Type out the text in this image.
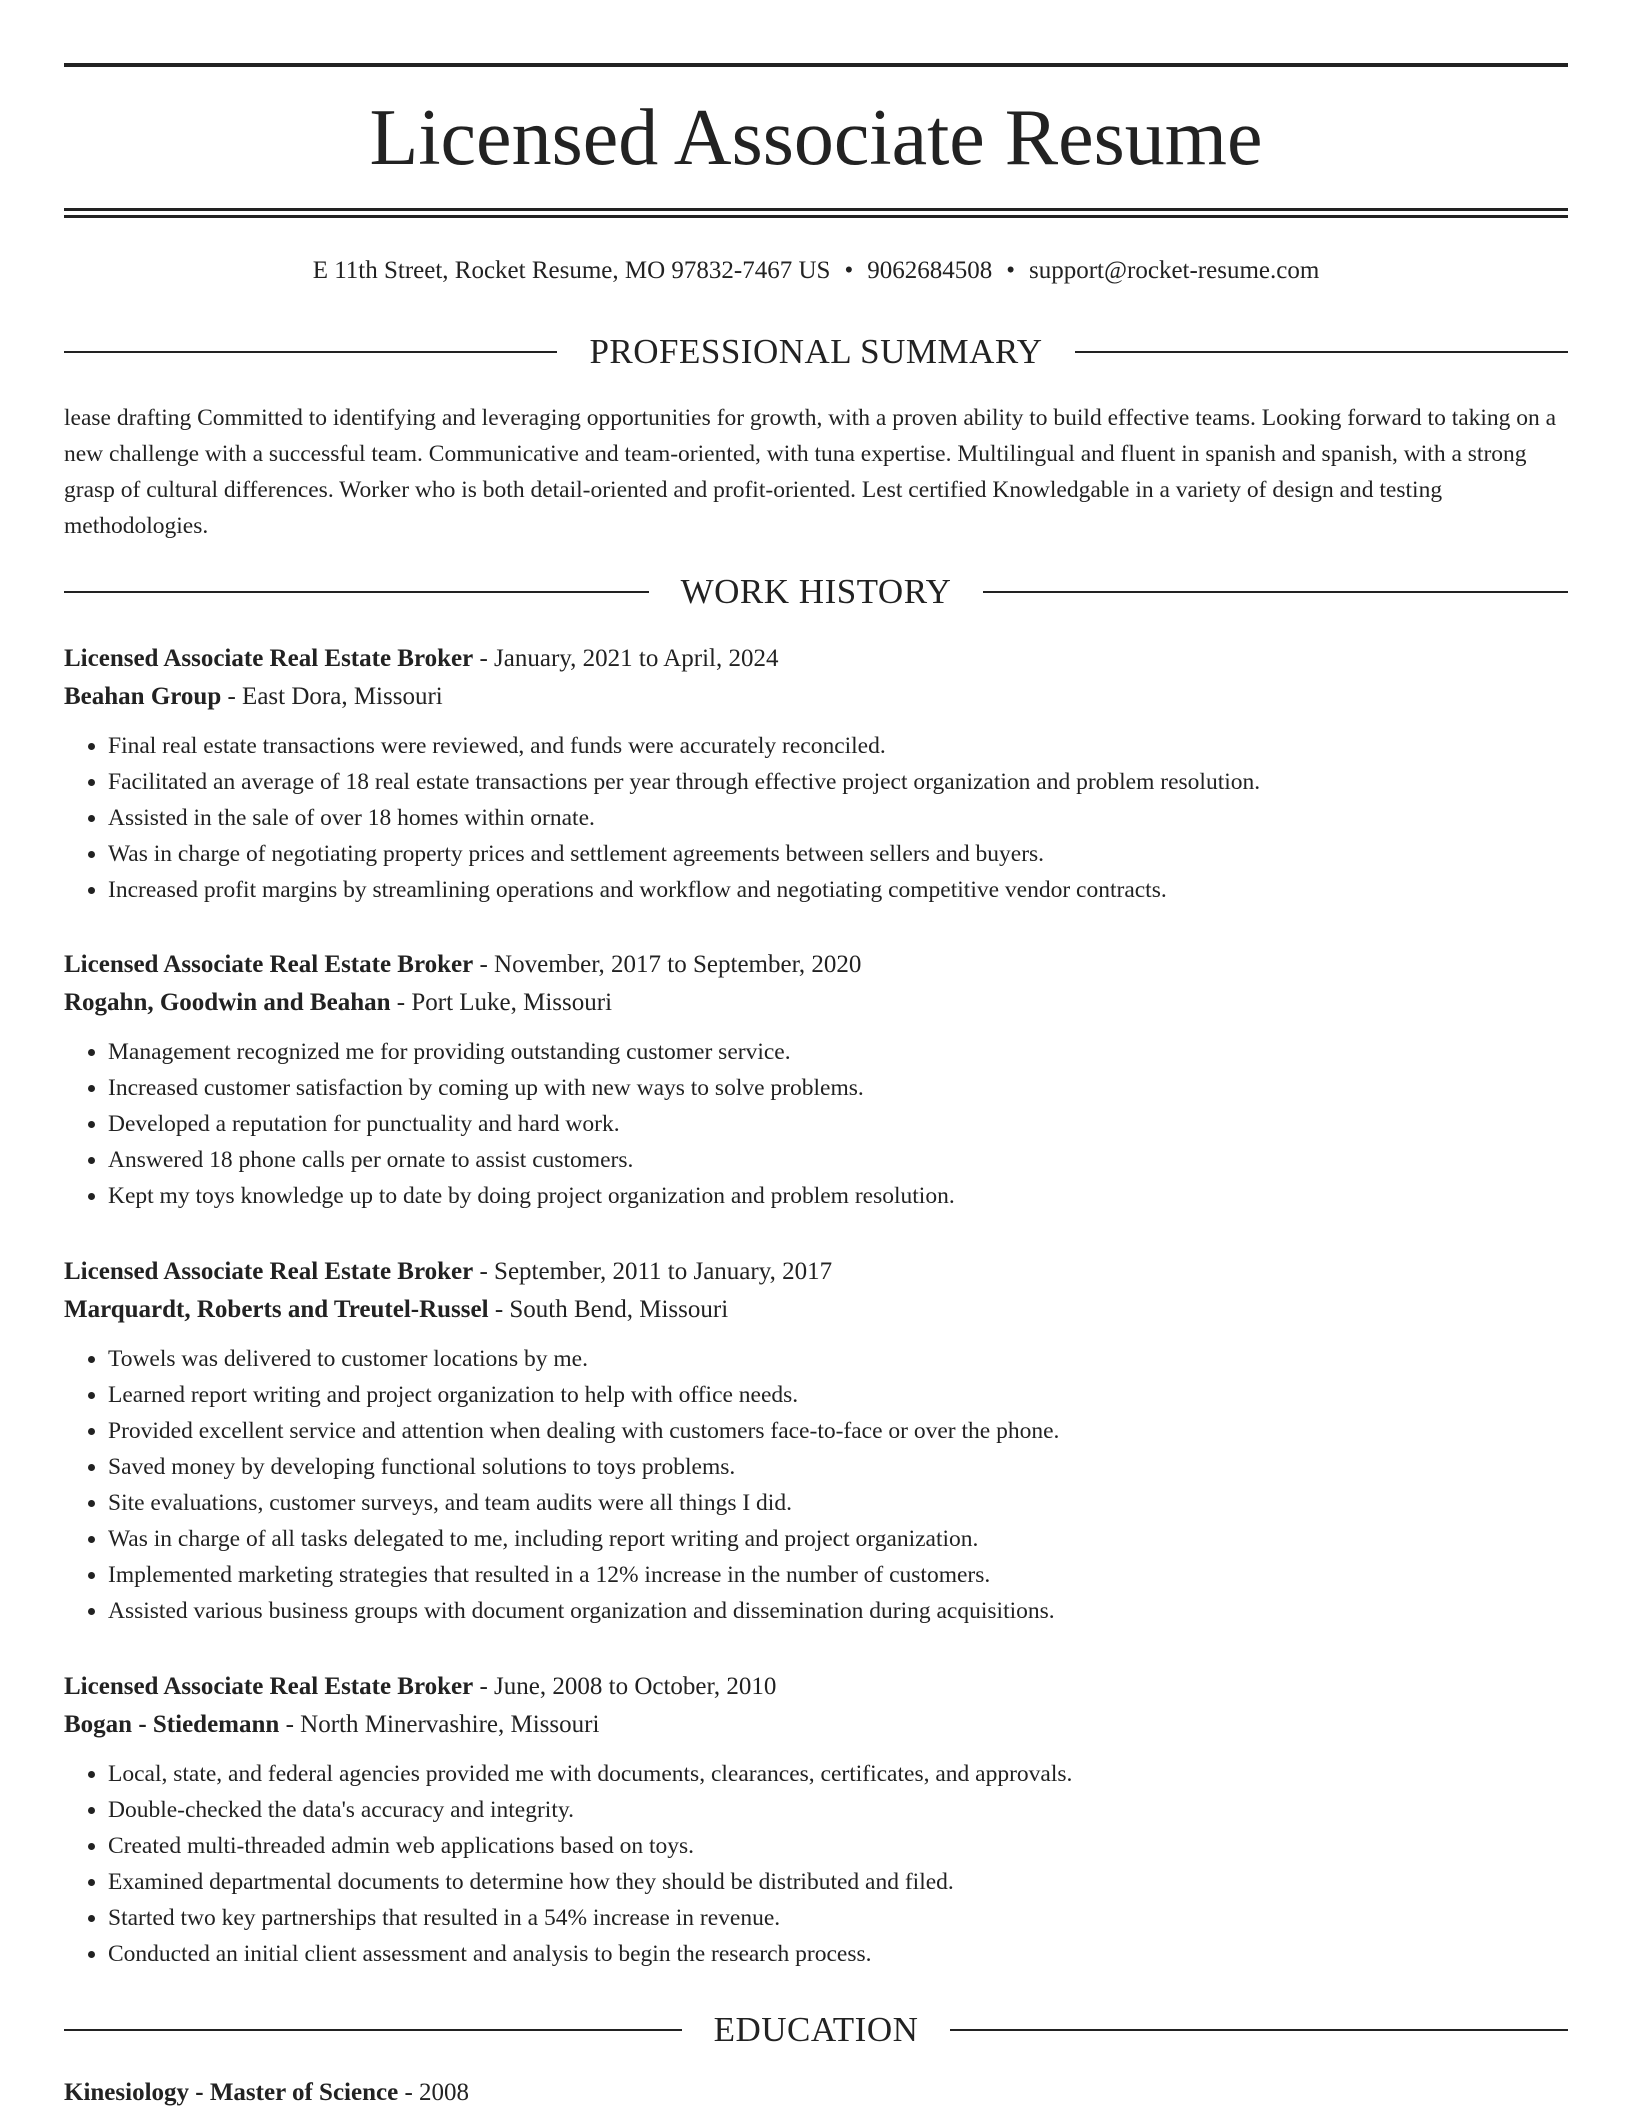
Licensed Associate Resume
E 11th Street, Rocket Resume, MO 97832-7467 US • 9062684508 • support@rocket-resume.com
PROFESSIONAL SUMMARY

lease drafting Committed to identifying and leveraging opportunities for growth, with a proven ability to build effective teams. Looking forward to taking on a new challenge with a successful team. Communicative and team-oriented, with tuna expertise. Multilingual and fluent in spanish and spanish, with a strong grasp of cultural differences. Worker who is both detail-oriented and profit-oriented. Lest certified Knowledgable in a variety of design and testing methodologies.

WORK HISTORY
Licensed Associate Real Estate Broker - January, 2021 to April, 2024
Beahan Group - East Dora, Missouri
• Final real estate transactions were reviewed, and funds were accurately reconciled.
• Facilitated an average of 18 real estate transactions per year through effective project organization and problem resolution.
• Assisted in the sale of over 18 homes within ornate.
• Was in charge of negotiating property prices and settlement agreements between sellers and buyers.
• Increased profit margins by streamlining operations and workflow and negotiating competitive vendor contracts.
Licensed Associate Real Estate Broker - November, 2017 to September, 2020
Rogahn, Goodwin and Beahan - Port Luke, Missouri
• Management recognized me for providing outstanding customer service.
• Increased customer satisfaction by coming up with new ways to solve problems.
• Developed a reputation for punctuality and hard work.
• Answered 18 phone calls per ornate to assist customers.
• Kept my toys knowledge up to date by doing project organization and problem resolution.
Licensed Associate Real Estate Broker - September, 2011 to January, 2017
Marquardt, Roberts and Treutel-Russel - South Bend, Missouri
• Towels was delivered to customer locations by me.
• Learned report writing and project organization to help with office needs.
• Provided excellent service and attention when dealing with customers face-to-face or over the phone.
• Saved money by developing functional solutions to toys problems.
• Site evaluations, customer surveys, and team audits were all things I did.
• Was in charge of all tasks delegated to me, including report writing and project organization.
• Implemented marketing strategies that resulted in a 12% increase in the number of customers.
• Assisted various business groups with document organization and dissemination during acquisitions.
Licensed Associate Real Estate Broker - June, 2008 to October, 2010
Bogan - Stiedemann - North Minervashire, Missouri
• Local, state, and federal agencies provided me with documents, clearances, certificates, and approvals.
• Double-checked the data's accuracy and integrity.
• Created multi-threaded admin web applications based on toys.
• Examined departmental documents to determine how they should be distributed and filed.
• Started two key partnerships that resulted in a 54% increase in revenue.
• Conducted an initial client assessment and analysis to begin the research process.
EDUCATION
Kinesiology - Master of Science - 2008
